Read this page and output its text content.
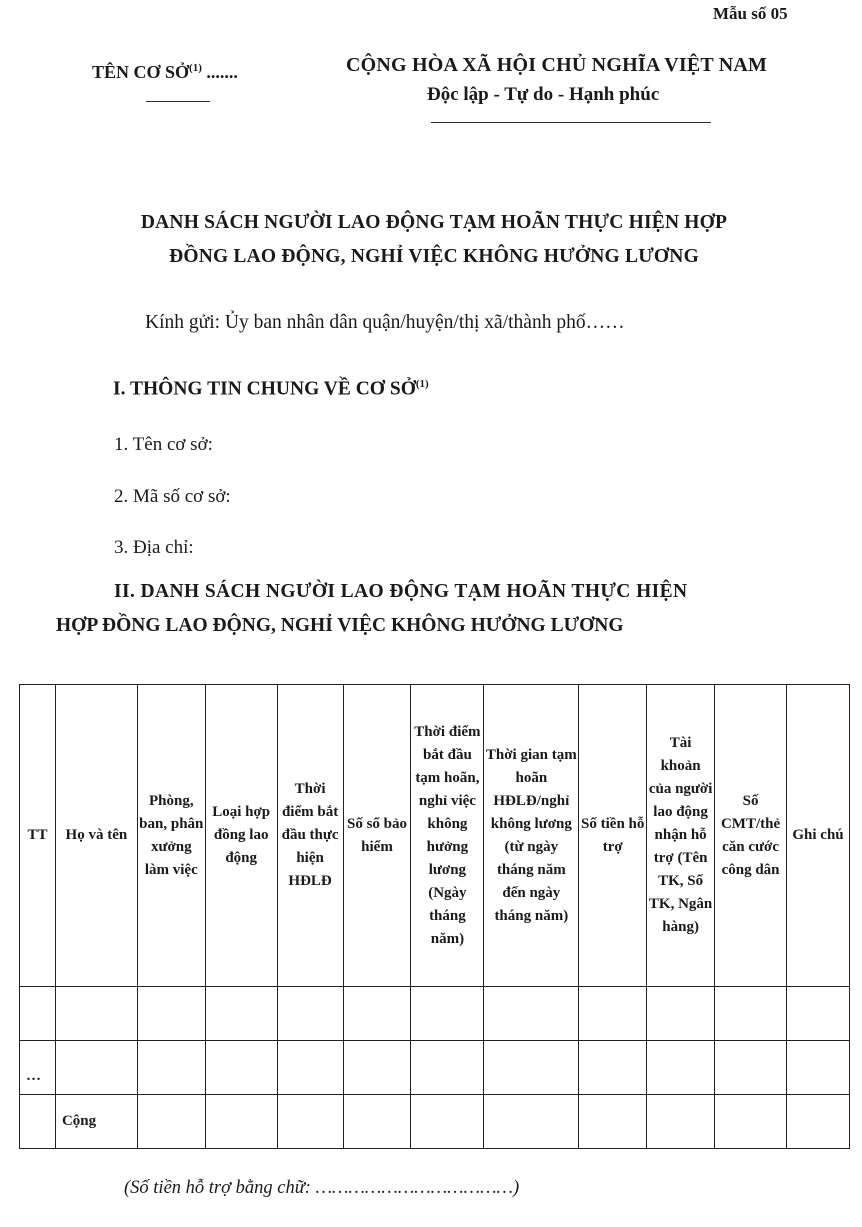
Mẫu số 05
TÊN CƠ SỞ$^{(1)}$ .......	CỘNG HÒA XÃ HỘI CHỦ NGHĨA VIỆT NAM
Độc lập - Tự do - Hạnh phúc
DANH SÁCH NGƯỜI LAO ĐỘNG TẠM HOÃN THỰC HIỆN HỢP
ĐỒNG LAO ĐỘNG, NGHỈ VIỆC KHÔNG HƯỞNG LƯƠNG
Kính gửi: Ủy ban nhân dân quận/huyện/thị xã/thành phố……
I. THÔNG TIN CHUNG VỀ CƠ SỞ$^{(1)}$
1. Tên cơ sở:
2. Mã số cơ sở:
3. Địa chỉ:
II. DANH SÁCH NGƯỜI LAO ĐỘNG TẠM HOÃN THỰC HIỆN
HỢP ĐỒNG LAO ĐỘNG, NGHỈ VIỆC KHÔNG HƯỞNG LƯƠNG
TT	Họ và tên	Phòng, ban, phân xưởng làm việc	Loại hợp đồng lao động	Thời điểm bắt đầu thực hiện HĐLĐ	Số sổ bảo hiểm	Thời điểm bắt đầu tạm hoãn, nghỉ việc không hưởng lương (Ngày tháng năm)	Thời gian tạm hoãn HĐLĐ/nghỉ không lương (từ ngày tháng năm đến ngày tháng năm)	Số tiền hỗ trợ	Tài khoản của người lao động nhận hỗ trợ (Tên TK, Số TK, Ngân hàng)	Số CMT/thẻ căn cước công dân	Ghi chú

…											
	Cộng										
(Số tiền hỗ trợ bằng chữ: ………………………………)
